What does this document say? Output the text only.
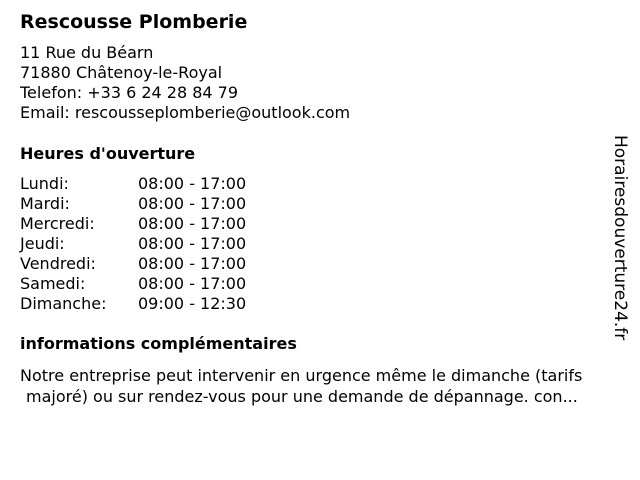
Rescousse Plomberie
11 Rue du Béarn
71880 Châtenoy-le-Royal
Telefon: +33 6 24 28 84 79
Email: rescousseplomberie@outlook.com
Heures d'ouverture
Lundi:	08:00 - 17:00
Mardi:	08:00 - 17:00
Mercredi:	08:00 - 17:00
Jeudi:	08:00 - 17:00
Vendredi:	08:00 - 17:00
Samedi:	08:00 - 17:00
Dimanche: 09:00 - 12:30
informations complémentaires
Notre entreprise peut intervenir en urgence même le dimanche (tarifs
majoré) ou sur rendez-vous pour une demande de dépannage. con...
Horairesdouverture24.fr
